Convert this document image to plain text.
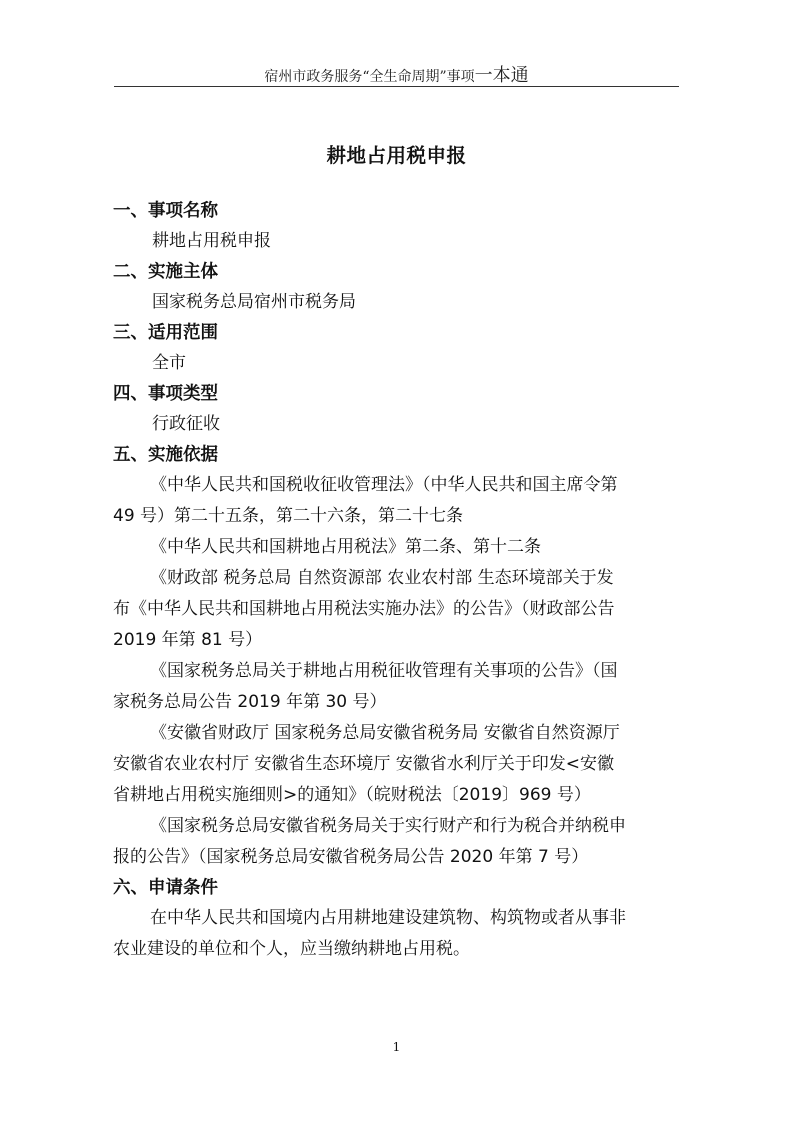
宿州市政务服务“全生命周期”事项一本通
耕地占用税申报
一、事项名称
耕地占用税申报
二、实施主体
国家税务总局宿州市税务局
三、适用范围
全市
四、事项类型
行政征收
五、实施依据
《中华人民共和国税收征收管理法》（中华人民共和国主席令第
49 号）第二十五条，第二十六条，第二十七条
《中华人民共和国耕地占用税法》第二条、第十二条
《财政部 税务总局 自然资源部 农业农村部 生态环境部关于发
布《中华人民共和国耕地占用税法实施办法》的公告》（财政部公告
2019 年第 81 号）
《国家税务总局关于耕地占用税征收管理有关事项的公告》（国
家税务总局公告 2019 年第 30 号）
《安徽省财政厅 国家税务总局安徽省税务局 安徽省自然资源厅
安徽省农业农村厅 安徽省生态环境厅 安徽省水利厅关于印发<安徽
省耕地占用税实施细则>的通知》（皖财税法〔2019〕969 号）
《国家税务总局安徽省税务局关于实行财产和行为税合并纳税申
报的公告》（国家税务总局安徽省税务局公告 2020 年第 7 号）
六、申请条件
在中华人民共和国境内占用耕地建设建筑物、构筑物或者从事非
农业建设的单位和个人，应当缴纳耕地占用税。
1
